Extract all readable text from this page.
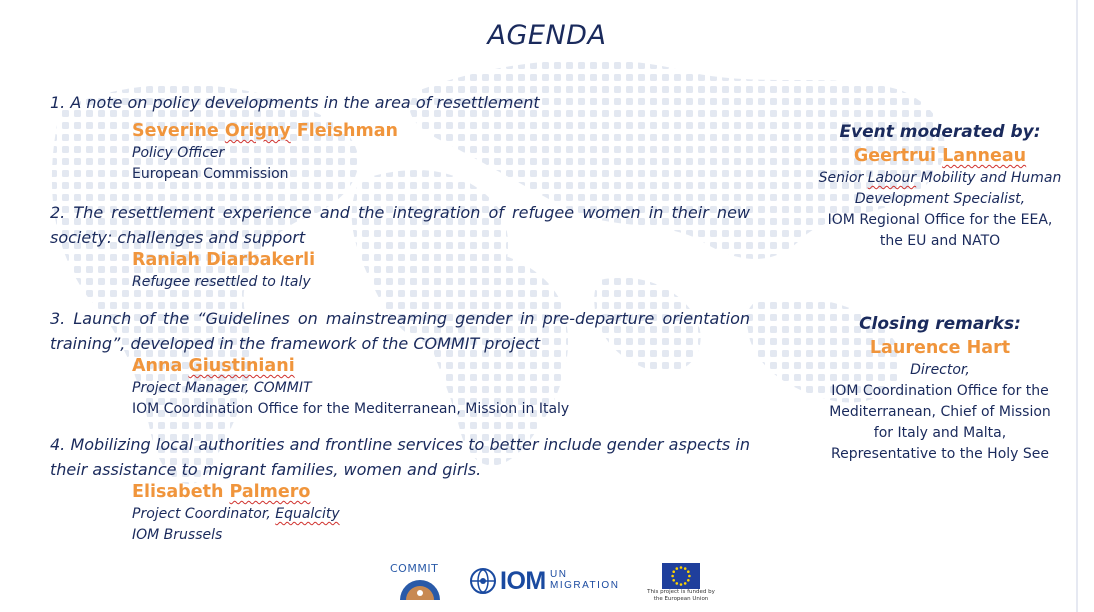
AGENDA
1. A note on policy developments in the area of resettlement
Severine Origny Fleishman
Policy Officer
European Commission
2. The resettlement experience and the integration of refugee women in their new society: challenges and support
Raniah Diarbakerli
Refugee resettled to Italy
3. Launch of the “Guidelines on mainstreaming gender in pre-departure orientation training”, developed in the framework of the COMMIT project
Anna Giustiniani
Project Manager, COMMIT
IOM Coordination Office for the Mediterranean, Mission in Italy
4. Mobilizing local authorities and frontline services to better include gender aspects in their assistance to migrant families, women and girls.
Elisabeth Palmero
Project Coordinator, Equalcity
IOM Brussels
Event moderated by:
Geertrui Lanneau
Senior Labour Mobility and Human Development Specialist,
IOM Regional Office for the EEA,
the EU and NATO
Closing remarks:
Laurence Hart
Director,
IOM Coordination Office for the
Mediterranean, Chief of Mission
for Italy and Malta,
Representative to the Holy See
COMMIT IOM UN
MIGRATION
This project is funded by
the European Union
